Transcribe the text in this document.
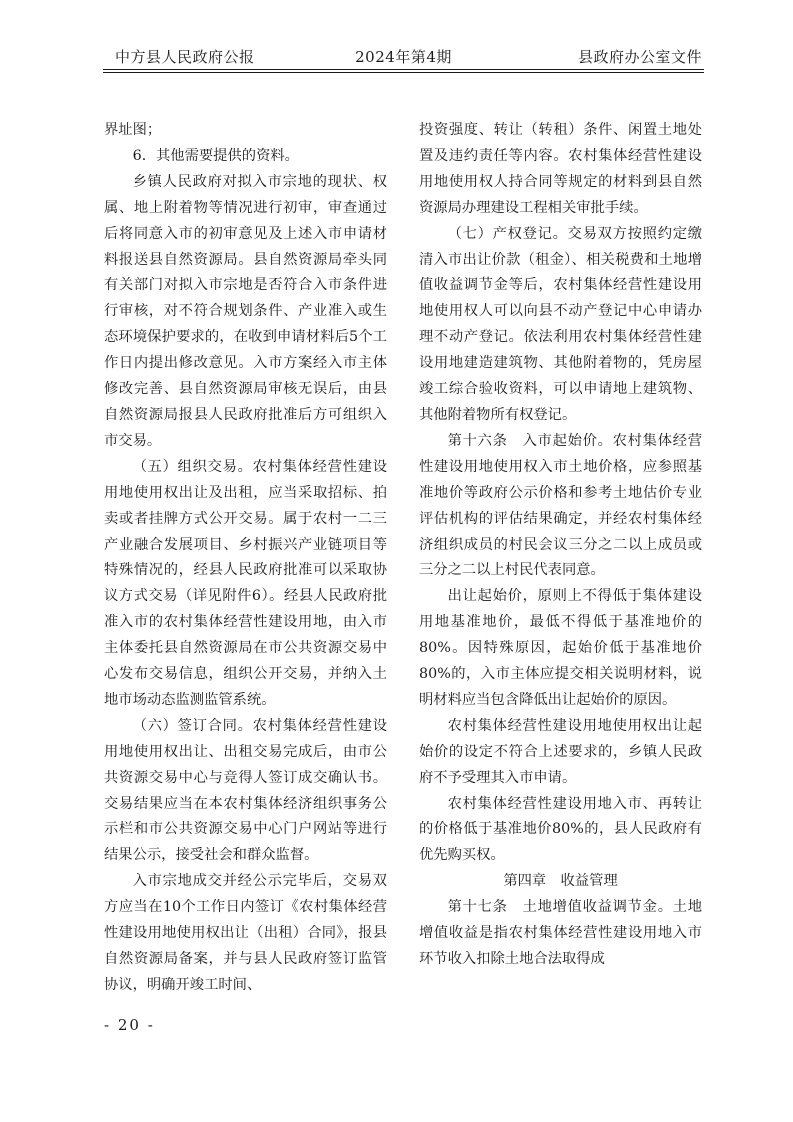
中方县人民政府公报	2024年第4期	县政府办公室文件

界址图；

6．其他需要提供的资料。

乡镇人民政府对拟入市宗地的现状、权属、地上附着物等情况进行初审，审查通过后将同意入市的初审意见及上述入市申请材料报送县自然资源局。县自然资源局牵头同有关部门对拟入市宗地是否符合入市条件进行审核，对不符合规划条件、产业准入或生态环境保护要求的，在收到申请材料后5个工作日内提出修改意见。入市方案经入市主体修改完善、县自然资源局审核无误后，由县自然资源局报县人民政府批准后方可组织入市交易。

（五）组织交易。农村集体经营性建设用地使用权出让及出租，应当采取招标、拍卖或者挂牌方式公开交易。属于农村一二三产业融合发展项目、乡村振兴产业链项目等特殊情况的，经县人民政府批准可以采取协议方式交易（详见附件6）。经县人民政府批准入市的农村集体经营性建设用地，由入市主体委托县自然资源局在市公共资源交易中心发布交易信息，组织公开交易，并纳入土地市场动态监测监管系统。

（六）签订合同。农村集体经营性建设用地使用权出让、出租交易完成后，由市公共资源交易中心与竞得人签订成交确认书。交易结果应当在本农村集体经济组织事务公示栏和市公共资源交易中心门户网站等进行结果公示，接受社会和群众监督。

入市宗地成交并经公示完毕后，交易双方应当在10个工作日内签订《农村集体经营性建设用地使用权出让（出租）合同》，报县自然资源局备案，并与县人民政府签订监管协议，明确开竣工时间、

投资强度、转让（转租）条件、闲置土地处置及违约责任等内容。农村集体经营性建设用地使用权人持合同等规定的材料到县自然资源局办理建设工程相关审批手续。

（七）产权登记。交易双方按照约定缴清入市出让价款（租金）、相关税费和土地增值收益调节金等后，农村集体经营性建设用地使用权人可以向县不动产登记中心申请办理不动产登记。依法利用农村集体经营性建设用地建造建筑物、其他附着物的，凭房屋竣工综合验收资料，可以申请地上建筑物、其他附着物所有权登记。

第十六条　入市起始价。农村集体经营性建设用地使用权入市土地价格，应参照基准地价等政府公示价格和参考土地估价专业评估机构的评估结果确定，并经农村集体经济组织成员的村民会议三分之二以上成员或三分之二以上村民代表同意。

出让起始价，原则上不得低于集体建设用地基准地价，最低不得低于基准地价的80%。因特殊原因，起始价低于基准地价80%的，入市主体应提交相关说明材料，说明材料应当包含降低出让起始价的原因。

农村集体经营性建设用地使用权出让起始价的设定不符合上述要求的，乡镇人民政府不予受理其入市申请。

农村集体经营性建设用地入市、再转让的价格低于基准地价80%的，县人民政府有优先购买权。

第四章　收益管理

第十七条　土地增值收益调节金。土地增值收益是指农村集体经营性建设用地入市环节收入扣除土地合法取得成

- 20 -
